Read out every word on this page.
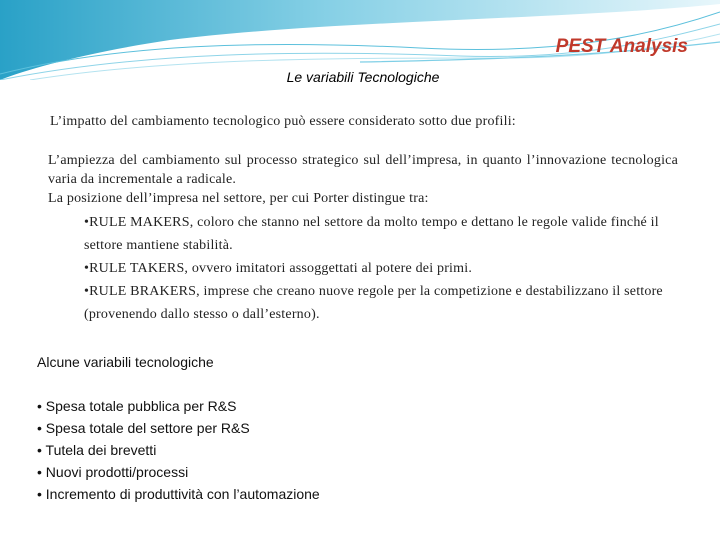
PEST Analysis
Le variabili Tecnologiche
L’impatto del cambiamento tecnologico può essere considerato sotto due profili:

L’ampiezza del cambiamento sul processo strategico sul dell’impresa, in quanto l’innovazione tecnologica varia da incrementale a radicale.

La posizione dell’impresa nel settore, per cui Porter distingue tra:

•RULE MAKERS, coloro che stanno nel settore da molto tempo e dettano le regole valide finché il settore mantiene stabilità.

•RULE TAKERS, ovvero imitatori assoggettati al potere dei primi.

•RULE BRAKERS, imprese che creano nuove regole per la competizione e destabilizzano il settore (provenendo dallo stesso o dall’esterno).

Alcune variabili tecnologiche
• Spesa totale pubblica per R&S
• Spesa totale del settore per R&S
• Tutela dei brevetti
• Nuovi prodotti/processi
• Incremento di produttività con l’automazione
